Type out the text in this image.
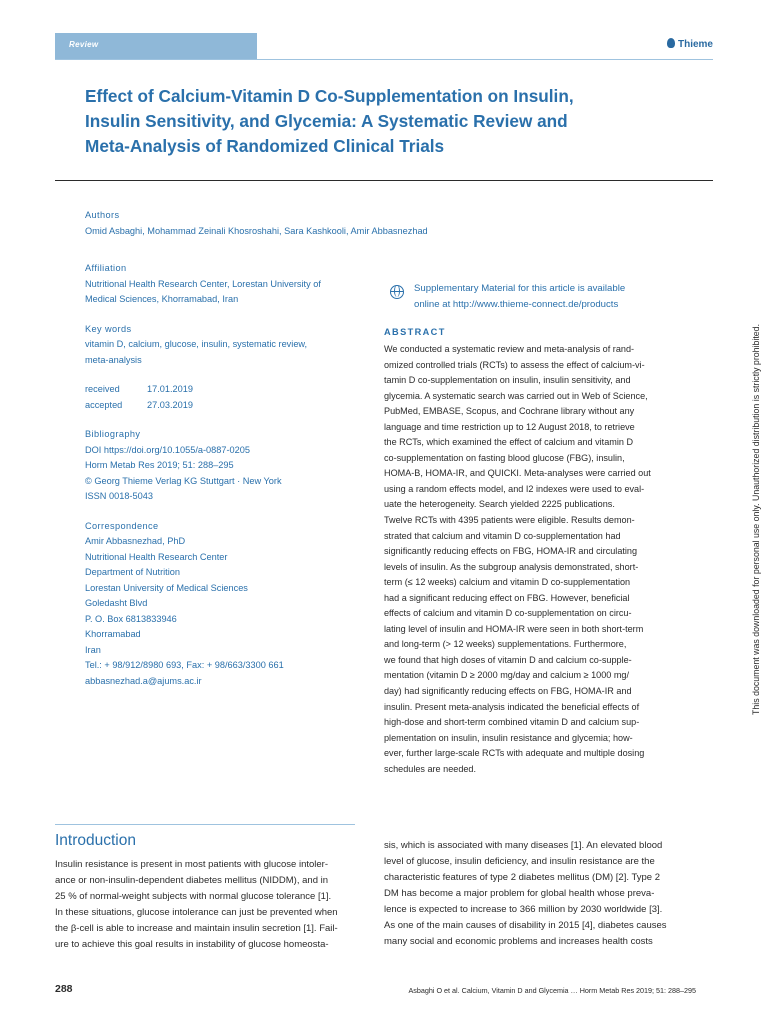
Review	Thieme
Effect of Calcium-Vitamin D Co-Supplementation on Insulin,
Insulin Sensitivity, and Glycemia: A Systematic Review and
Meta-Analysis of Randomized Clinical Trials
Authors
Omid Asbaghi, Mohammad Zeinali Khosroshahi, Sara Kashkooli, Amir Abbasnezhad
Affiliation
Nutritional Health Research Center, Lorestan University of
Medical Sciences, Khorramabad, Iran
Key words
vitamin D, calcium, glucose, insulin, systematic review,
meta-analysis
received	17.01.2019
accepted	27.03.2019
Bibliography
DOI https://doi.org/10.1055/a-0887-0205
Horm Metab Res 2019; 51: 288–295
© Georg Thieme Verlag KG Stuttgart · New York
ISSN 0018-5043
Correspondence
Amir Abbasnezhad, PhD
Nutritional Health Research Center
Department of Nutrition
Lorestan University of Medical Sciences
Goledasht Blvd
P. O. Box 6813833946
Khorramabad
Iran
Tel.: + 98/912/8980 693, Fax: + 98/663/3300 661
abbasnezhad.a@ajums.ac.ir
Supplementary Material for this article is available
online at http://www.thieme-connect.de/products
ABSTRACT
We conducted a systematic review and meta-analysis of rand-
omized controlled trials (RCTs) to assess the effect of calcium-vi-
tamin D co-supplementation on insulin, insulin sensitivity, and
glycemia. A systematic search was carried out in Web of Science,
PubMed, EMBASE, Scopus, and Cochrane library without any
language and time restriction up to 12 August 2018, to retrieve
the RCTs, which examined the effect of calcium and vitamin D
co-supplementation on fasting blood glucose (FBG), insulin,
HOMA-B, HOMA-IR, and QUICKI. Meta-analyses were carried out
using a random effects model, and I2 indexes were used to eval-
uate the heterogeneity. Search yielded 2225 publications.
Twelve RCTs with 4395 patients were eligible. Results demon-
strated that calcium and vitamin D co-supplementation had
significantly reducing effects on FBG, HOMA-IR and circulating
levels of insulin. As the subgroup analysis demonstrated, short-
term (≤ 12 weeks) calcium and vitamin D co-supplementation
had a significant reducing effect on FBG. However, beneficial
effects of calcium and vitamin D co-supplementation on circu-
lating level of insulin and HOMA-IR were seen in both short-term
and long-term (> 12 weeks) supplementations. Furthermore,
we found that high doses of vitamin D and calcium co-supple-
mentation (vitamin D ≥ 2000 mg/day and calcium ≥ 1000 mg/
day) had significantly reducing effects on FBG, HOMA-IR and
insulin. Present meta-analysis indicated the beneficial effects of
high-dose and short-term combined vitamin D and calcium sup-
plementation on insulin, insulin resistance and glycemia; how-
ever, further large-scale RCTs with adequate and multiple dosing
schedules are needed.
Introduction
Insulin resistance is present in most patients with glucose intoler-
ance or non-insulin-dependent diabetes mellitus (NIDDM), and in
25 % of normal-weight subjects with normal glucose tolerance [1].
In these situations, glucose intolerance can just be prevented when
the β-cell is able to increase and maintain insulin secretion [1]. Fail-
ure to achieve this goal results in instability of glucose homeosta-
sis, which is associated with many diseases [1]. An elevated blood
level of glucose, insulin deficiency, and insulin resistance are the
characteristic features of type 2 diabetes mellitus (DM) [2]. Type 2
DM has become a major problem for global health whose preva-
lence is expected to increase to 366 million by 2030 worldwide [3].
As one of the main causes of disability in 2015 [4], diabetes causes
many social and economic problems and increases health costs
288	Asbaghi O et al. Calcium, Vitamin D and Glycemia … Horm Metab Res 2019; 51: 288–295
This document was downloaded for personal use only. Unauthorized distribution is strictly prohibited.
